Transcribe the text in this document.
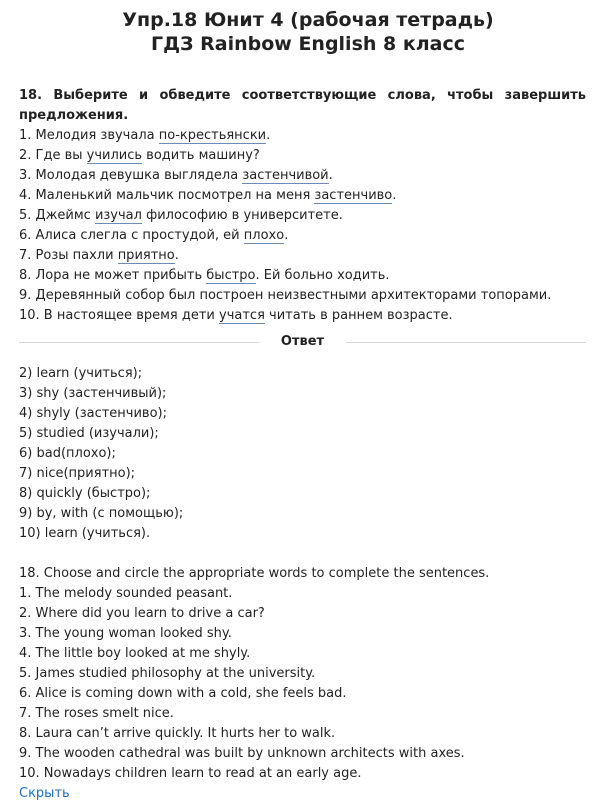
Упр.18 Юнит 4 (рабочая тетрадь)
ГДЗ Rainbow English 8 класс
18. Выберите и обведите соответствующие слова, чтобы завершить
предложения.
1. Мелодия звучала по-крестьянски.
2. Где вы учились водить машину?
3. Молодая девушка выглядела застенчивой.
4. Маленький мальчик посмотрел на меня застенчиво.
5. Джеймс изучал философию в университете.
6. Алиса слегла с простудой, ей плохо.
7. Розы пахли приятно.
8. Лора не может прибыть быстро. Ей больно ходить.
9. Деревянный собор был построен неизвестными архитекторами топорами.
10. В настоящее время дети учатся читать в раннем возрасте.
Ответ
2) learn (учиться);
3) shy (застенчивый);
4) shyly (застенчиво);
5) studied (изучали);
6) bad(плохо);
7) nice(приятно);
8) quickly (быстро);
9) by, with (с помощью);
10) learn (учиться).
18. Choose and circle the appropriate words to complete the sentences.
1. The melody sounded peasant.
2. Where did you learn to drive a car?
3. The young woman looked shy.
4. The little boy looked at me shyly.
5. James studied philosophy at the university.
6. Alice is coming down with a cold, she feels bad.
7. The roses smelt nice.
8. Laura can’t arrive quickly. It hurts her to walk.
9. The wooden cathedral was built by unknown architects with axes.
10. Nowadays children learn to read at an early age.
Скрыть
